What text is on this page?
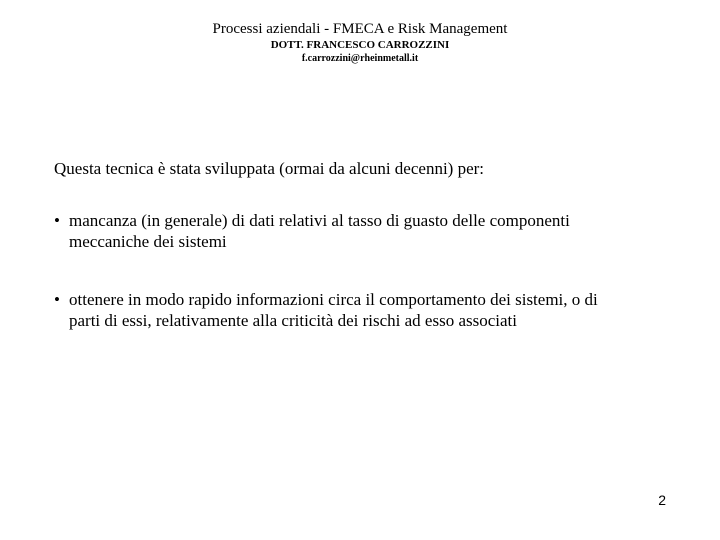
Processi aziendali - FMECA e Risk Management
DOTT. FRANCESCO CARROZZINI
f.carrozzini@rheinmetall.it
Questa tecnica è stata sviluppata (ormai da alcuni decenni) per:
• mancanza (in generale) di dati relativi al tasso di guasto delle componenti
meccaniche dei sistemi
• ottenere in modo rapido informazioni circa il comportamento dei sistemi, o di
parti di essi, relativamente alla criticità dei rischi ad esso associati
2
